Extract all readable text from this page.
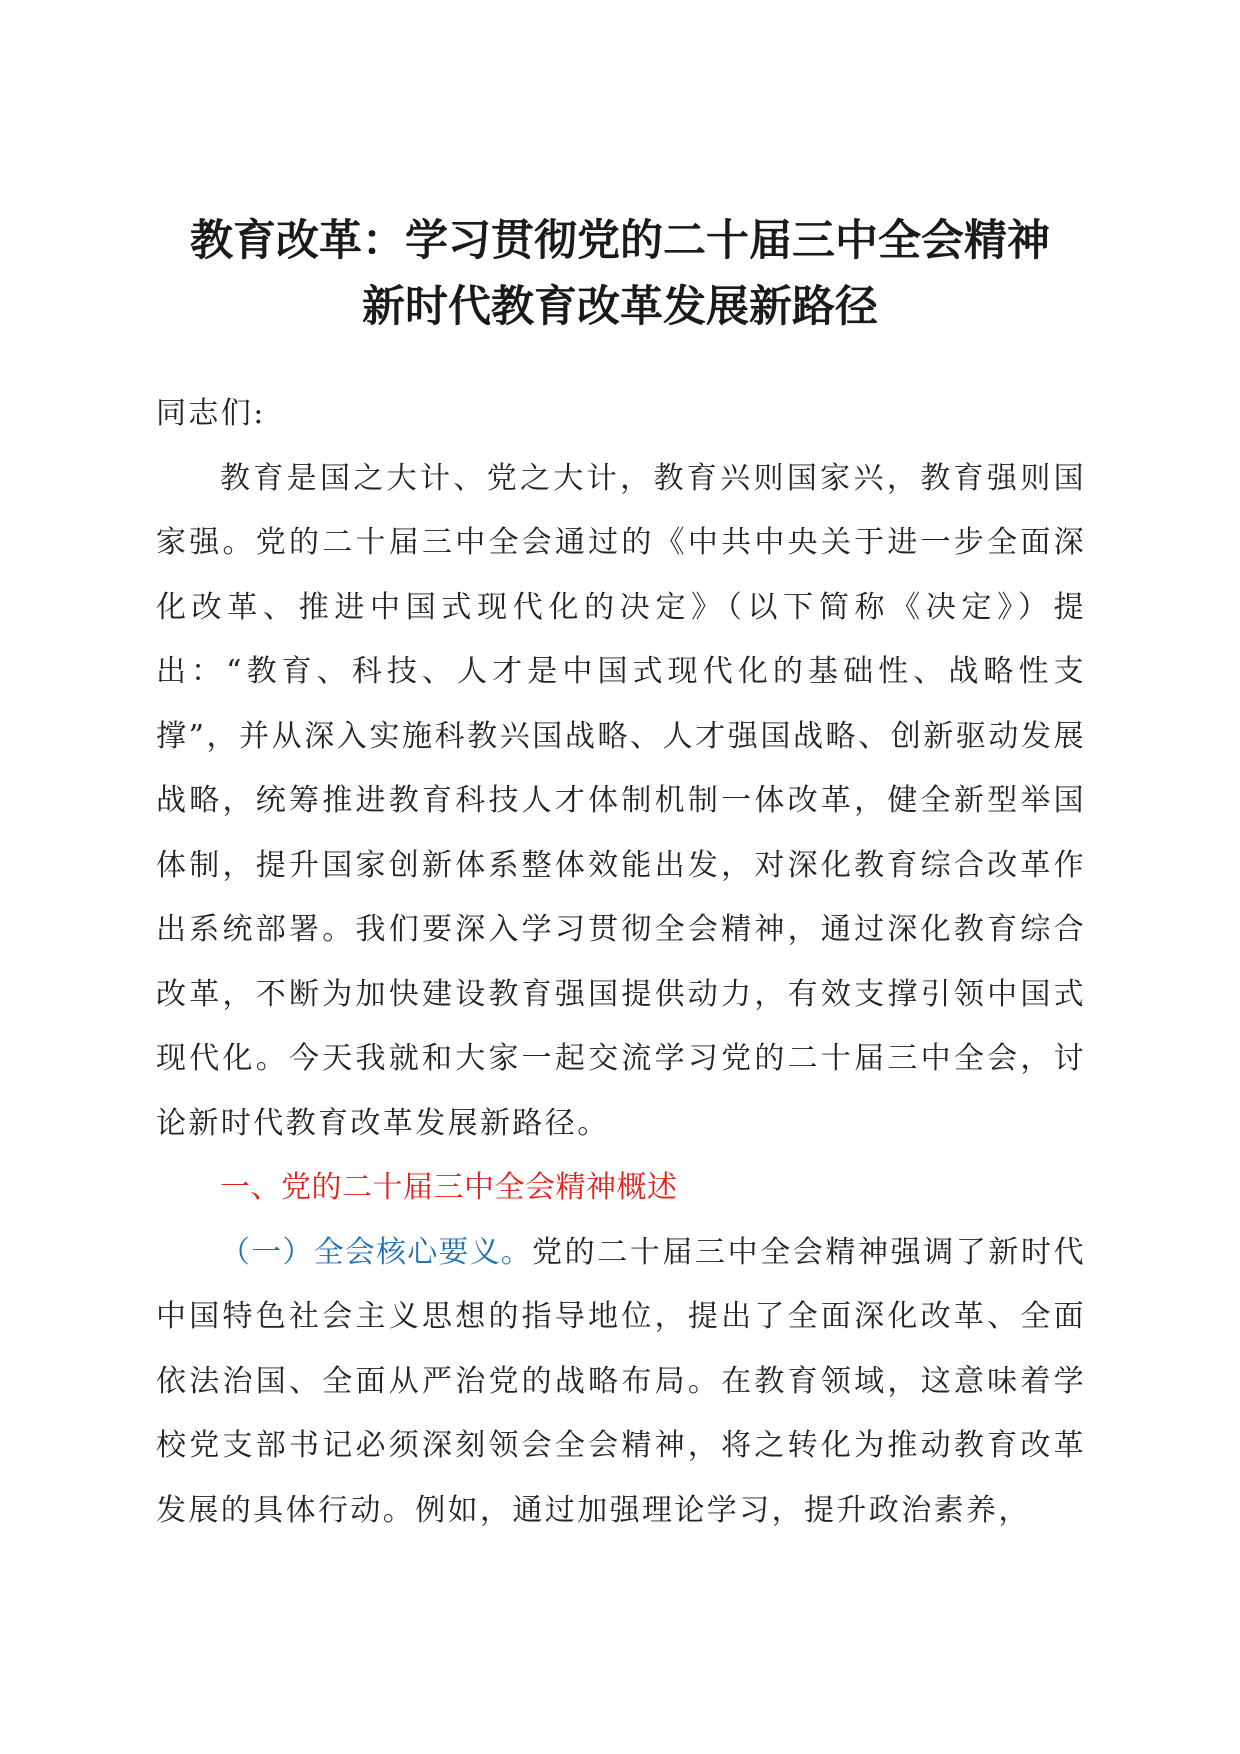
教育改革：学习贯彻党的二十届三中全会精神
新时代教育改革发展新路径

同志们:

教育是国之大计、党之大计，教育兴则国家兴，教育强则国家强。党的二十届三中全会通过的《中共中央关于进一步全面深化改革、推进中国式现代化的决定》（以下简称《决定》）提出：“教育、科技、人才是中国式现代化的基础性、战略性支撑”，并从深入实施科教兴国战略、人才强国战略、创新驱动发展战略，统筹推进教育科技人才体制机制一体改革，健全新型举国体制，提升国家创新体系整体效能出发，对深化教育综合改革作出系统部署。我们要深入学习贯彻全会精神，通过深化教育综合改革，不断为加快建设教育强国提供动力，有效支撑引领中国式现代化。今天我就和大家一起交流学习党的二十届三中全会，讨论新时代教育改革发展新路径。

一、党的二十届三中全会精神概述

（一）全会核心要义。党的二十届三中全会精神强调了新时代中国特色社会主义思想的指导地位，提出了全面深化改革、全面依法治国、全面从严治党的战略布局。在教育领域，这意味着学校党支部书记必须深刻领会全会精神，将之转化为推动教育改革发展的具体行动。例如，通过加强理论学习，提升政治素养，
